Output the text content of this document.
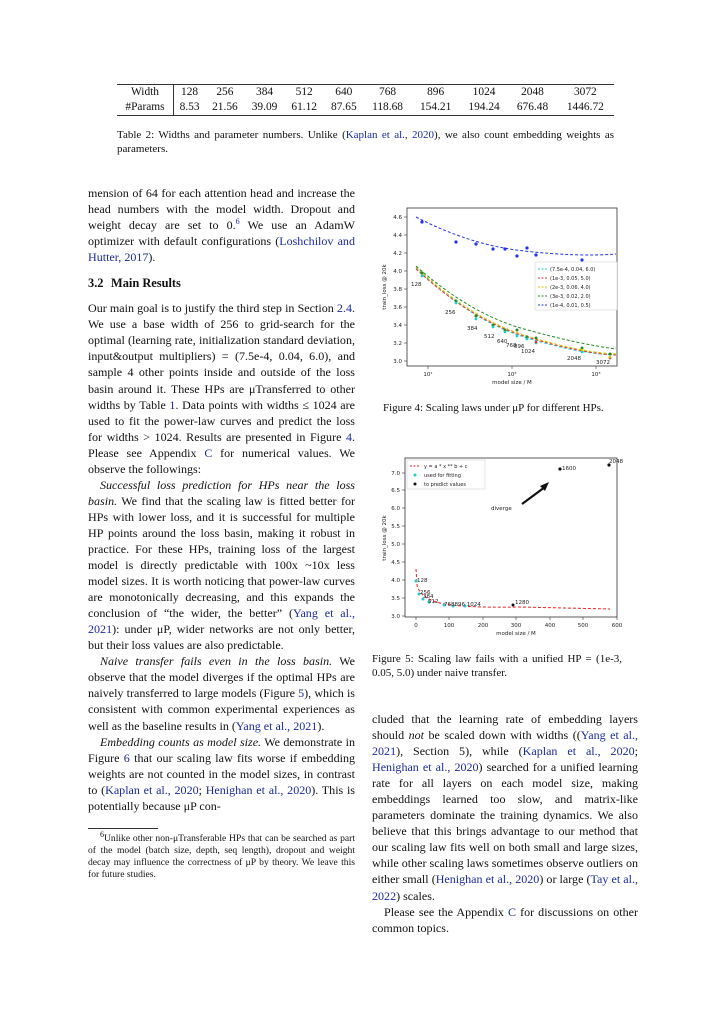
Width	128	256	384	512	640	768	896	1024	2048	3072
#Params	8.53	21.56	39.09	61.12	87.65	118.68	154.21	194.24	676.48	1446.72
Table 2: Widths and parameter numbers. Unlike (Kaplan et al., 2020), we also count embedding weights as parameters.

mension of 64 for each attention head and increase the head numbers with the model width. Dropout and weight decay are set to 0.$^6$ We use an AdamW optimizer with default configurations (Loshchilov and Hutter, 2017).

3.2 Main Results

Our main goal is to justify the third step in Section 2.4. We use a base width of 256 to grid-search for the optimal (learning rate, initialization standard deviation, input&output multipliers) = (7.5e-4, 0.04, 6.0), and sample 4 other points inside and outside of the loss basin around it. These HPs are μTransferred to other widths by Table 1. Data points with widths ≤ 1024 are used to fit the power-law curves and predict the loss for widths > 1024. Results are presented in Figure 4. Please see Appendix C for numerical values. We observe the followings:

Successful loss prediction for HPs near the loss basin. We find that the scaling law is fitted better for HPs with lower loss, and it is successful for multiple HP points around the loss basin, making it robust in practice. For these HPs, training loss of the largest model is directly predictable with 100x ~10x less model sizes. It is worth noticing that power-law curves are monotonically decreasing, and this expands the conclusion of “the wider, the better” (Yang et al., 2021): under μP, wider networks are not only better, but their loss values are also predictable.

Naive transfer fails even in the loss basin. We observe that the model diverges if the optimal HPs are naively transferred to large models (Figure 5), which is consistent with common experimental experiences as well as the baseline results in (Yang et al., 2021).

Embedding counts as model size. We demonstrate in Figure 6 that our scaling law fits worse if embedding weights are not counted in the model sizes, in contrast to (Kaplan et al., 2020; Henighan et al., 2020). This is potentially because μP con-

$^6$Unlike other non-μTransferable HPs that can be searched as part of the model (batch size, depth, seq length), dropout and weight decay may influence the correctness of μP by theory. We leave this for future studies.

3.0
3.2
3.4
3.6
3.8
4.0
4.2
4.4
4.6
train_loss @ 20k
10¹	10²	10³
model size / M
128
256
384
512
640
768
896
1024
2048
3072
(7.5e-4, 0.04, 6.0)
(1e-3, 0.05, 5.0)
(2e-3, 0.06, 4.0)
(3e-3, 0.02, 2.0)
(1e-4, 0.01, 0.5)
Figure 4: Scaling laws under μP for different HPs.
3.0
3.5
4.0
4.5
5.0
5.5
6.0
6.5
7.0
train_loss @ 20k
0	100	200	300	400	500	600
model size / M
128
256
384
512 768896 1024	1280
1600
2048
diverge
y = a * x ** b + c
used for fitting
to predict values
Figure 5: Scaling law fails with a unified HP = (1e-3, 0.05, 5.0) under naive transfer.

cluded that the learning rate of embedding layers should not be scaled down with widths ((Yang et al., 2021), Section 5), while (Kaplan et al., 2020; Henighan et al., 2020) searched for a unified learning rate for all layers on each model size, making embeddings learned too slow, and matrix-like parameters dominate the training dynamics. We also believe that this brings advantage to our method that our scaling law fits well on both small and large sizes, while other scaling laws sometimes observe outliers on either small (Henighan et al., 2020) or large (Tay et al., 2022) scales.

Please see the Appendix C for discussions on other common topics.
